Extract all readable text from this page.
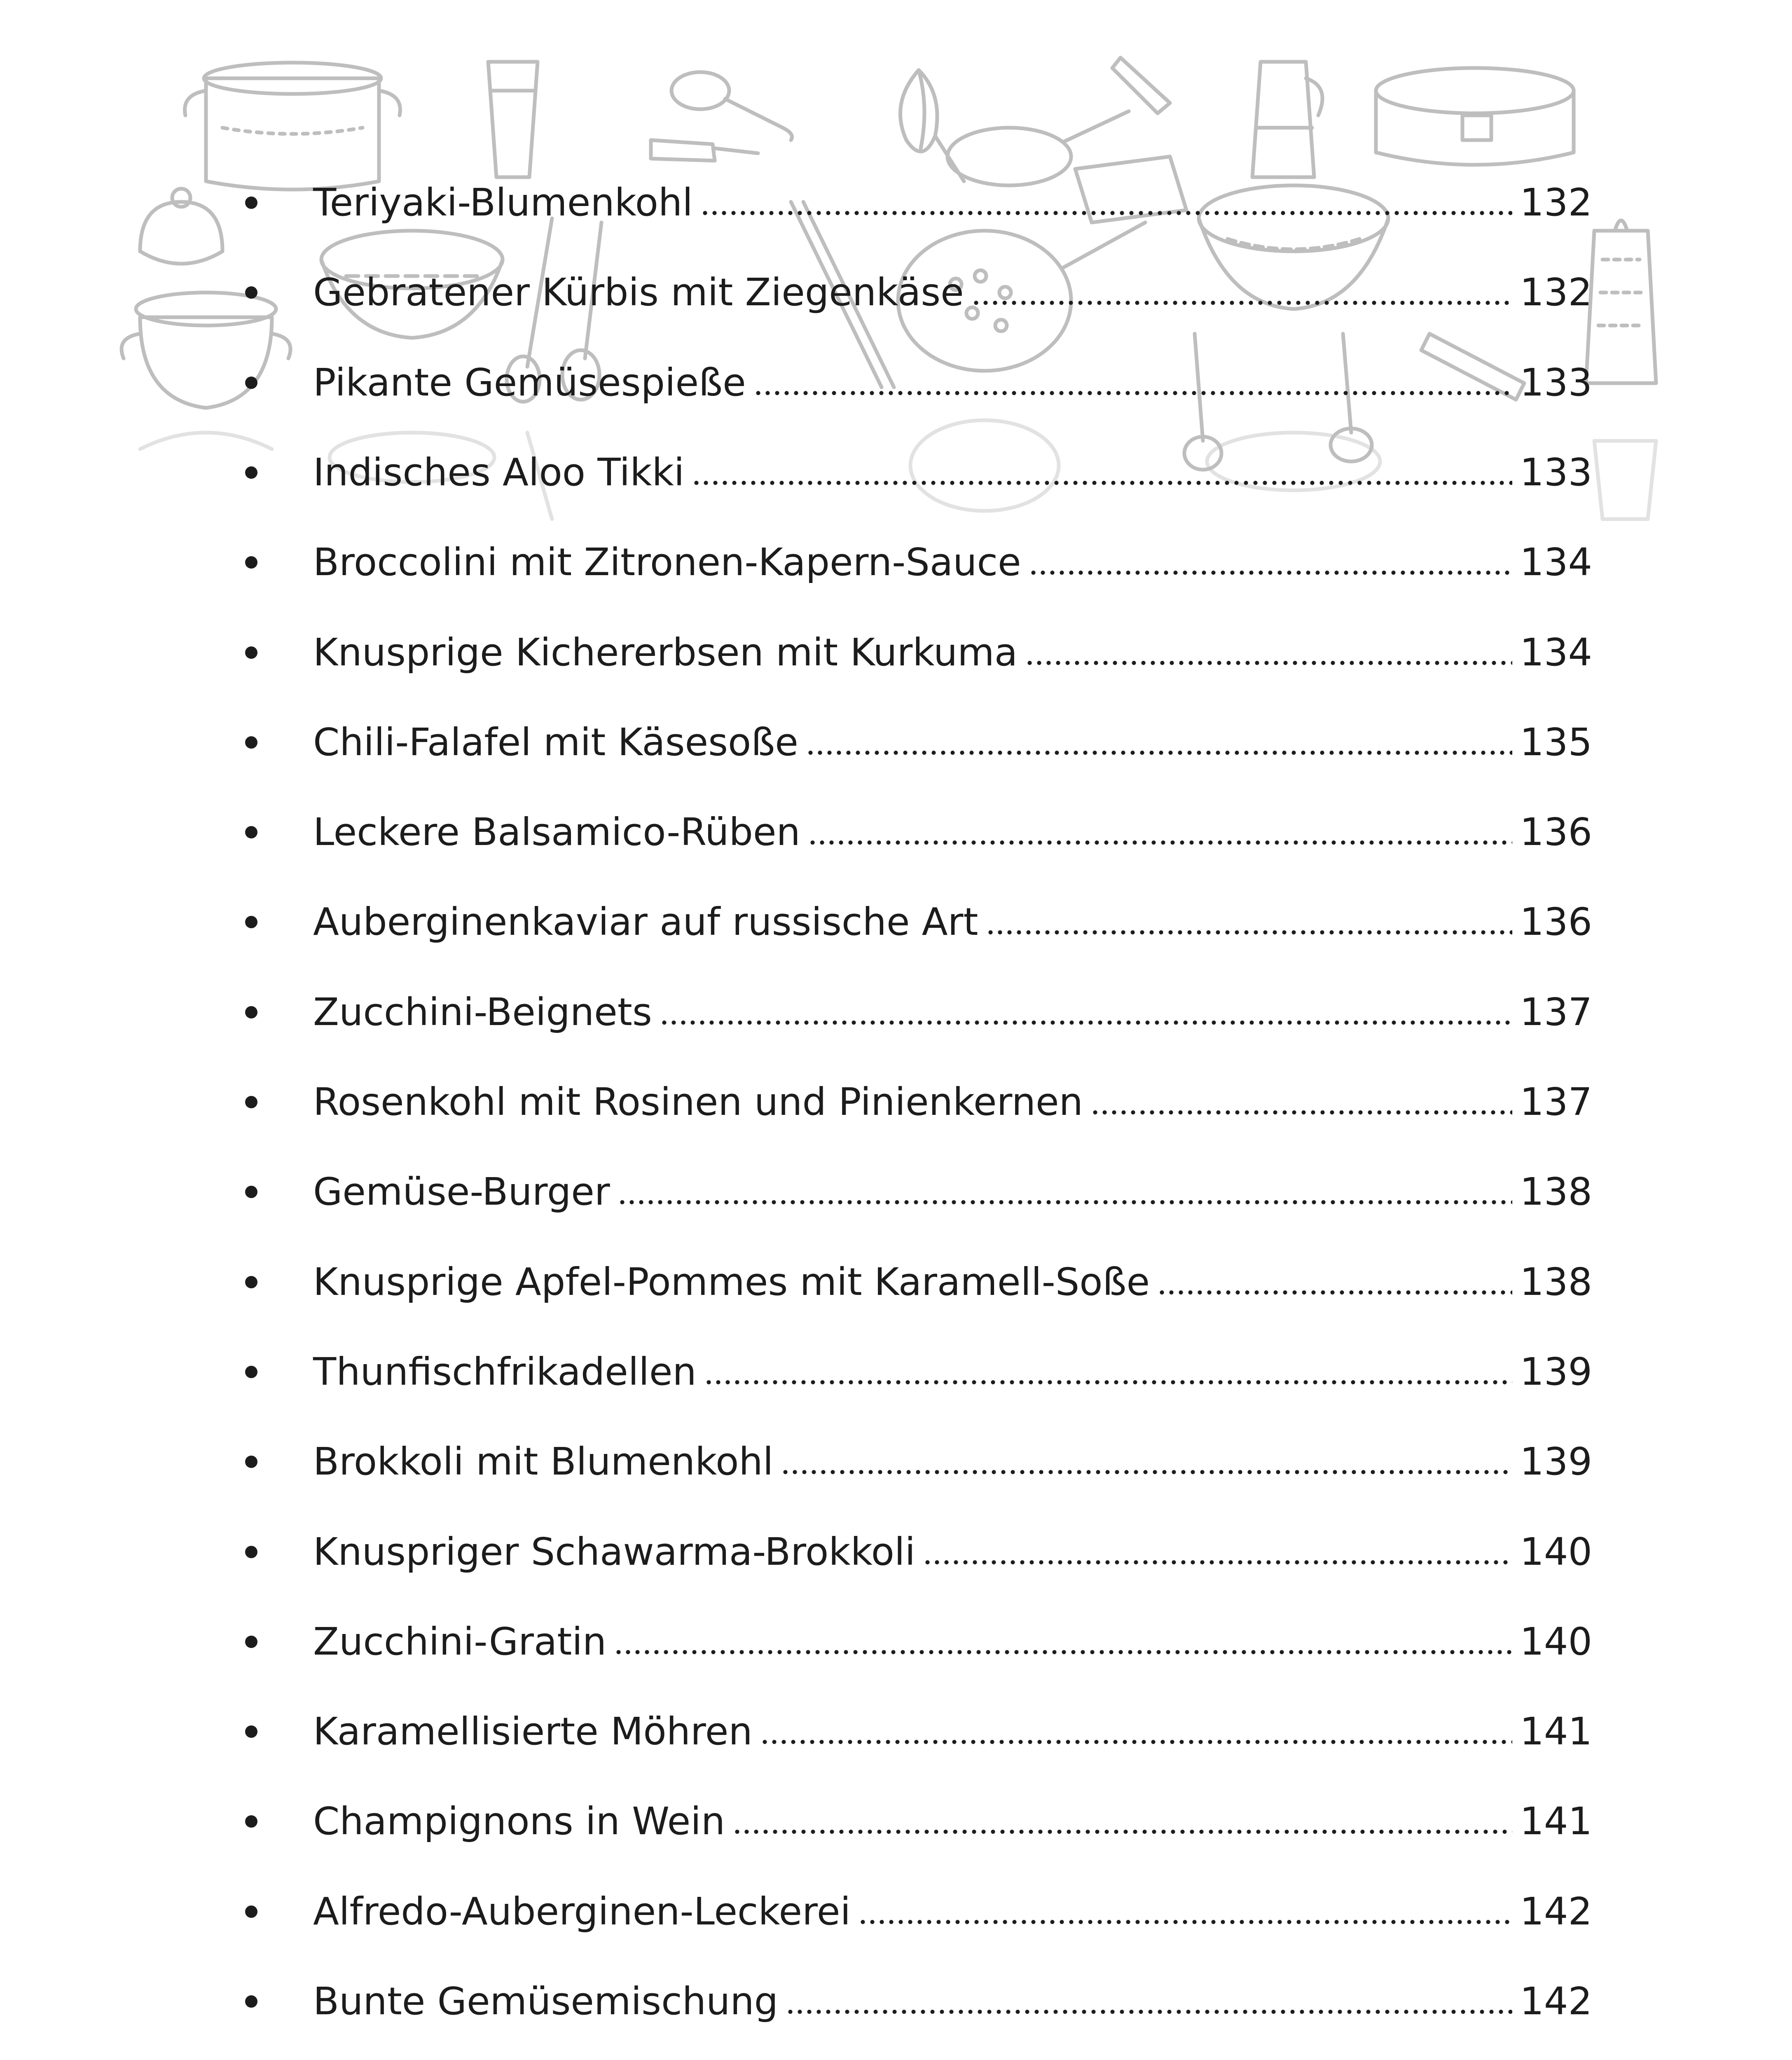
Teriyaki-Blumenkohl	132
Gebratener Kürbis mit Ziegenkäse	132
Pikante Gemüsespieße	133
Indisches Aloo Tikki	133
Broccolini mit Zitronen-Kapern-Sauce	134
Knusprige Kichererbsen mit Kurkuma	134
Chili-Falafel mit Käsesoße	135
Leckere Balsamico-Rüben	136
Auberginenkaviar auf russische Art	136
Zucchini-Beignets	137
Rosenkohl mit Rosinen und Pinienkernen	137
Gemüse-Burger	138
Knusprige Apfel-Pommes mit Karamell-Soße	138
Thunfischfrikadellen	139
Brokkoli mit Blumenkohl	139
Knuspriger Schawarma-Brokkoli	140
Zucchini-Gratin	140
Karamellisierte Möhren	141
Champignons in Wein	141
Alfredo-Auberginen-Leckerei	142
Bunte Gemüsemischung	142
